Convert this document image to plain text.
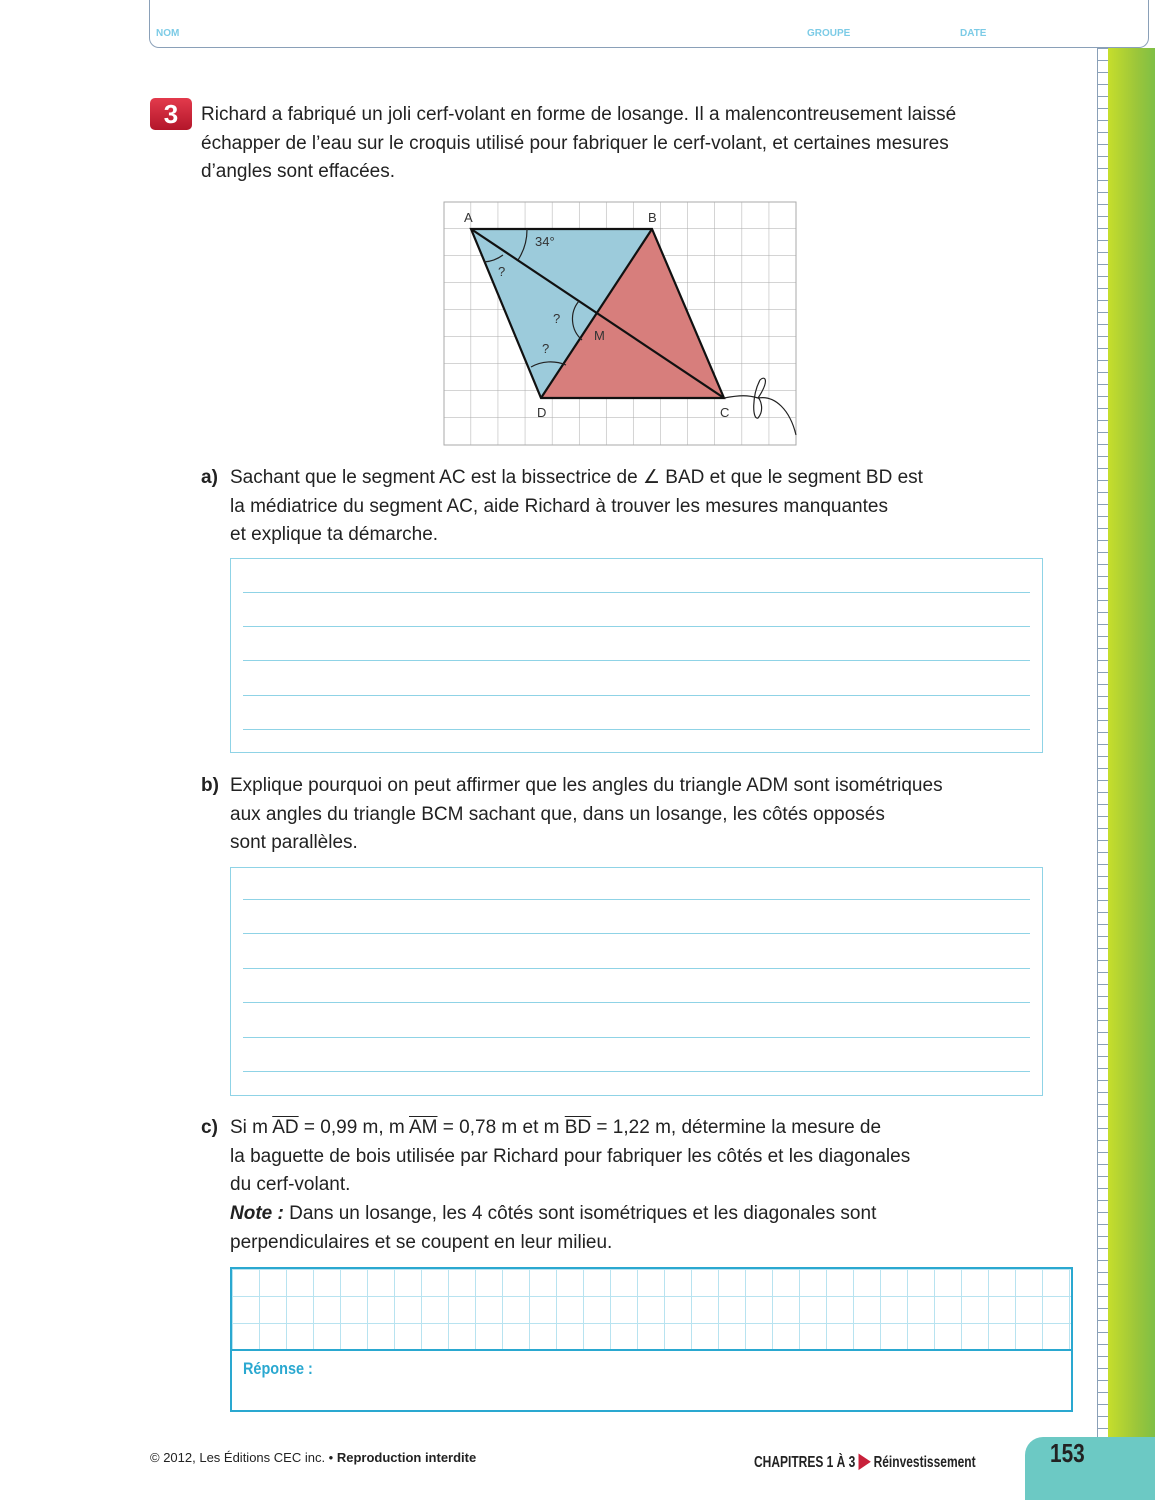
NOM	GROUPE	DATE
3	Richard a fabriqué un joli cerf-volant en forme de losange. Il a malencontreusement laissé
échapper de l’eau sur le croquis utilisé pour fabriquer le cerf-volant, et certaines mesures
d’angles sont effacées.
A	B
C
D
M
34°
?
?
?
a) Sachant que le segment AC est la bissectrice de ∠ BAD et que le segment BD est
la médiatrice du segment AC, aide Richard à trouver les mesures manquantes
et explique ta démarche.
b) Explique pourquoi on peut affirmer que les angles du triangle ADM sont isométriques
aux angles du triangle BCM sachant que, dans un losange, les côtés opposés
sont parallèles.
c) Si m $\overline{AD} = 0,99$ m, m $\overline{AM} = 0,78$ m et m $\overline{BD} = 1,22$ m, détermine la mesure de
la baguette de bois utilisée par Richard pour fabriquer les côtés et les diagonales
du cerf-volant.
Note : Dans un losange, les 4 côtés sont isométriques et les diagonales sont
perpendiculaires et se coupent en leur milieu.
Réponse :
© 2012, Les Éditions CEC inc. • Reproduction interdite	CHAPITRES 1 À 3 ▶ Réinvestissement	153
